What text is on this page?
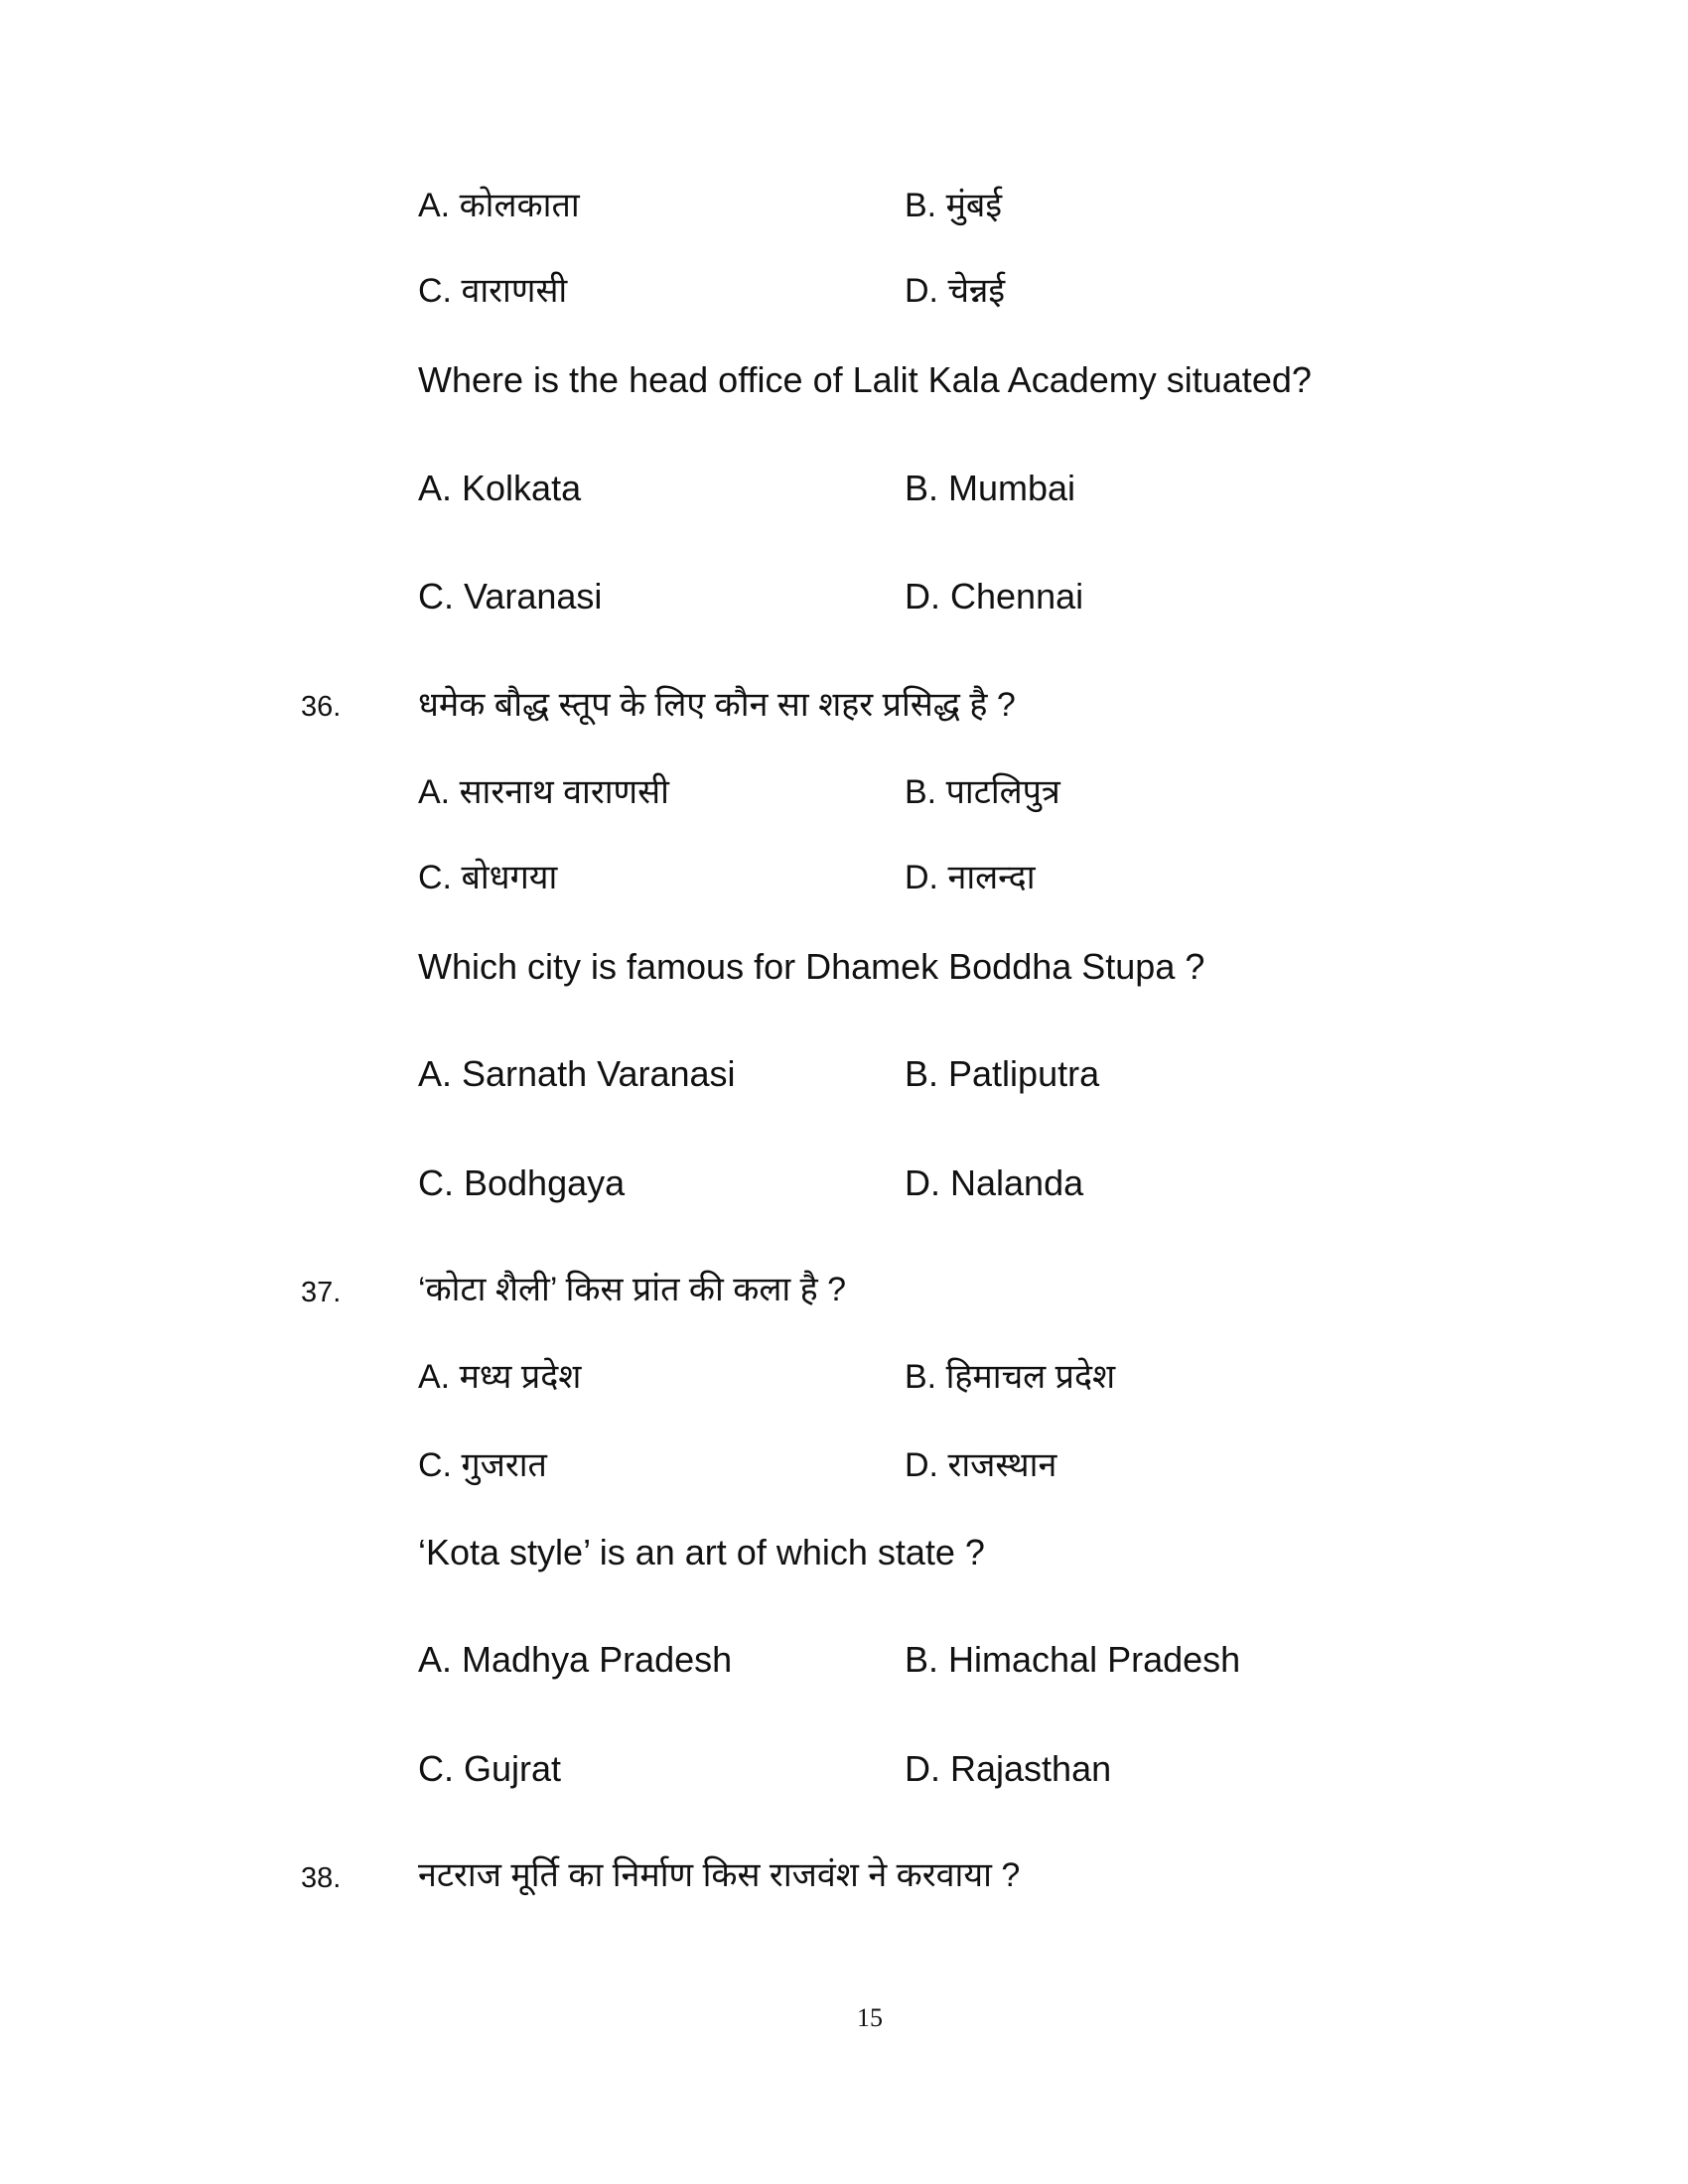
A. कोलकाता	B. मुंबई
C. वाराणसी	D. चेन्नई
Where is the head office of Lalit Kala Academy situated?
A. Kolkata	B. Mumbai
C. Varanasi	D. Chennai
36. धमेक बौद्ध स्तूप के लिए कौन सा शहर प्रसिद्ध है ?
A. सारनाथ वाराणसी	B. पाटलिपुत्र
C. बोधगया	D. नालन्दा
Which city is famous for Dhamek Boddha Stupa ?
A. Sarnath Varanasi	B. Patliputra
C. Bodhgaya	D. Nalanda
37. ‘कोटा शैली’ किस प्रांत की कला है ?
A. मध्य प्रदेश	B. हिमाचल प्रदेश
C. गुजरात	D. राजस्थान
‘Kota style’ is an art of which state ?
A. Madhya Pradesh	B. Himachal Pradesh
C. Gujrat	D. Rajasthan
38. नटराज मूर्ति का निर्माण किस राजवंश ने करवाया ?
15
